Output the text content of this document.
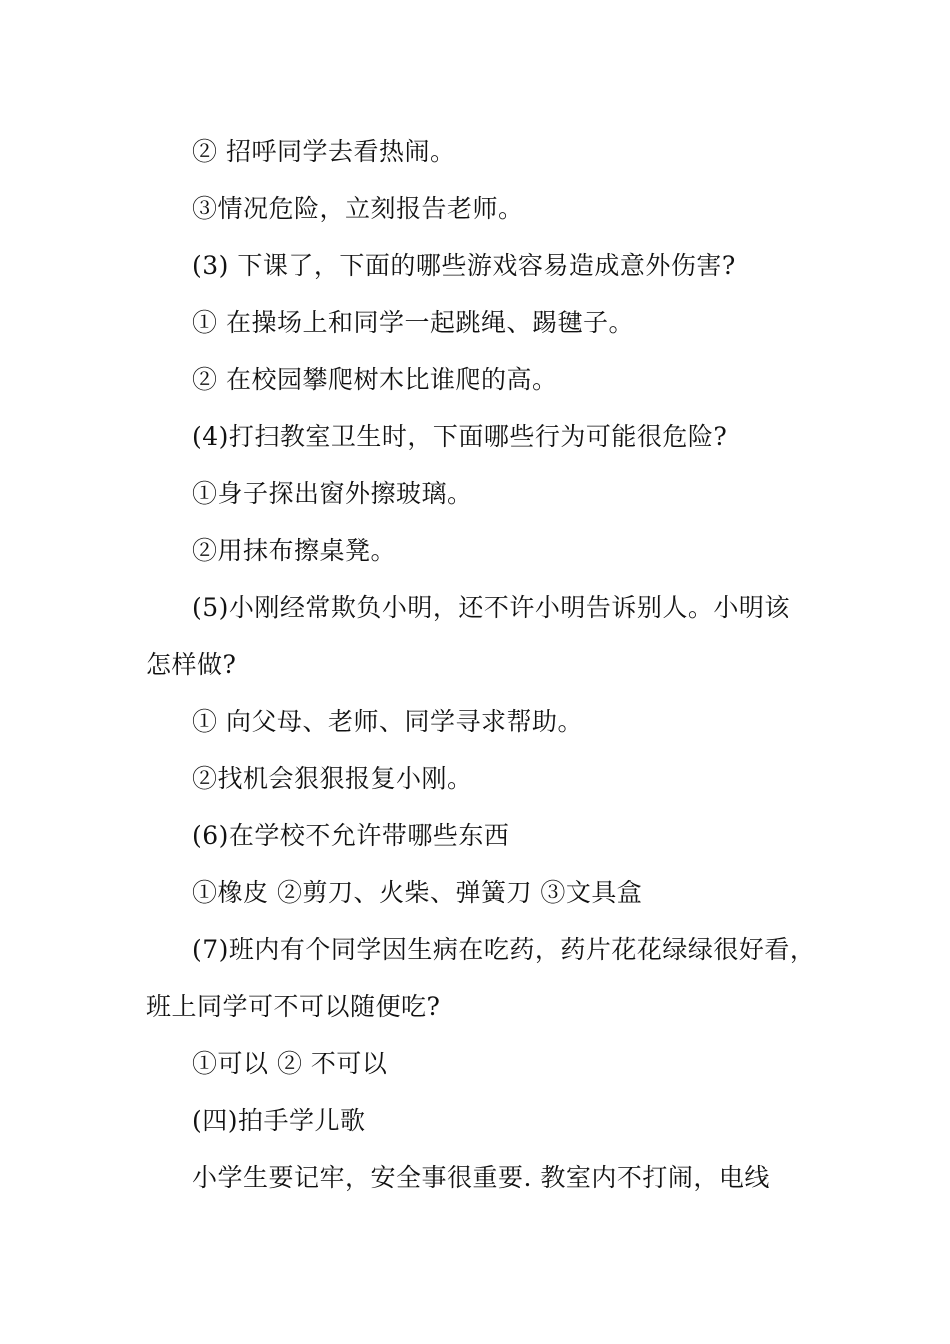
② 招呼同学去看热闹。

③情况危险，立刻报告老师。

(3) 下课了，下面的哪些游戏容易造成意外伤害?

① 在操场上和同学一起跳绳、踢毽子。

② 在校园攀爬树木比谁爬的高。

(4)打扫教室卫生时，下面哪些行为可能很危险?

①身子探出窗外擦玻璃。

②用抹布擦桌凳。

(5)小刚经常欺负小明，还不许小明告诉别人。小明该

怎样做?

① 向父母、老师、同学寻求帮助。

②找机会狠狠报复小刚。

(6)在学校不允许带哪些东西

①橡皮 ②剪刀、火柴、弹簧刀 ③文具盒

(7)班内有个同学因生病在吃药，药片花花绿绿很好看，

班上同学可不可以随便吃?

①可以 ② 不可以

(四)拍手学儿歌

小学生要记牢，安全事很重要. 教室内不打闹，电线
